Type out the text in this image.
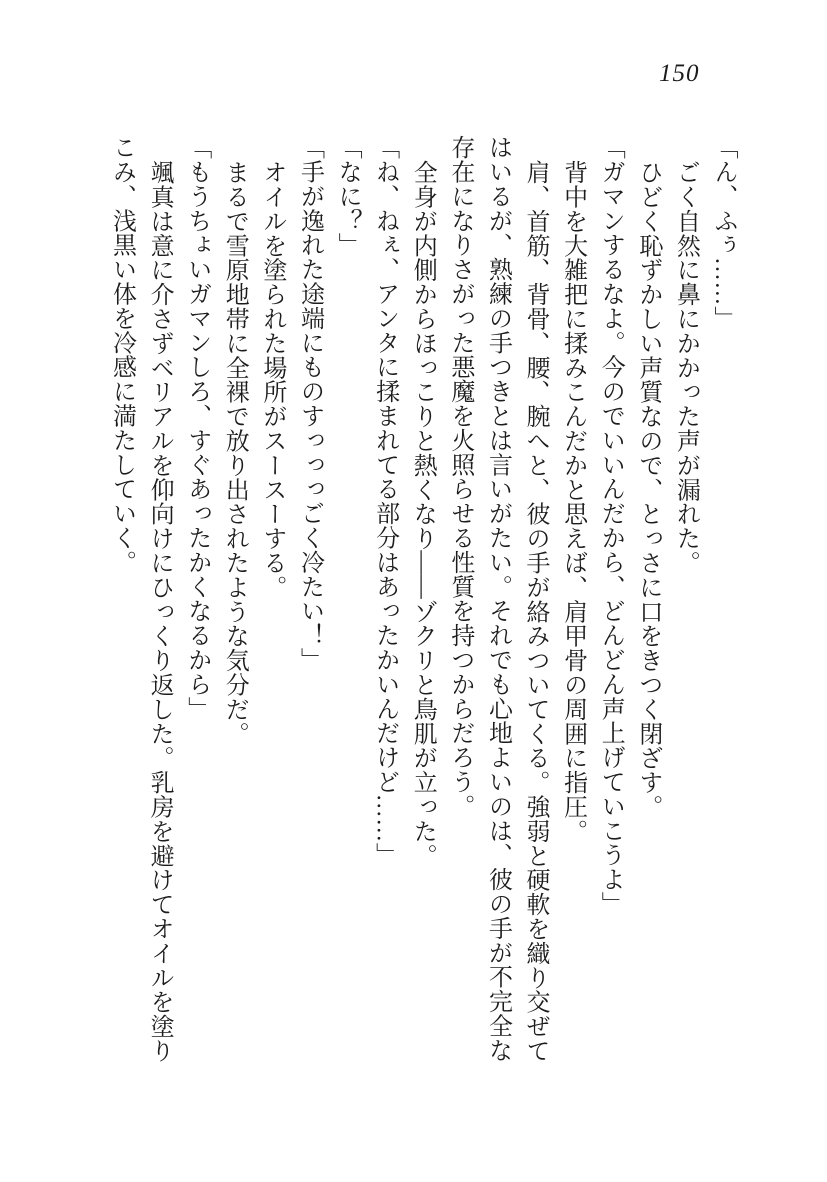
150
「ん、ふぅ……」
ごく自然に鼻にかかった声が漏れた。
ひどく恥ずかしい声質なので、とっさに口をきつく閉ざす。
「ガマンするなよ。今のでいいんだから、どんどん声上げていこうよ」
背中を大雑把に揉みこんだかと思えば、肩甲骨の周囲に指圧。
肩、首筋、背骨、腰、腕へと、彼の手が絡みついてくる。強弱と硬軟を織り交ぜて
はいるが、熟練の手つきとは言いがたい。それでも心地よいのは、彼の手が不完全な
存在になりさがった悪魔を火照らせる性質を持つからだろう。
全身が内側からほっこりと熱くなり――ゾクリと鳥肌が立った。
「ね、ねぇ、アンタに揉まれてる部分はあったかいんだけど……」
「なに？」
「手が逸れた途端にものすっっっごく冷たい！」
オイルを塗られた場所がスースーする。
まるで雪原地帯に全裸で放り出されたような気分だ。
「もうちょいガマンしろ、すぐあったかくなるから」
颯真は意に介さずベリアルを仰向けにひっくり返した。乳房を避けてオイルを塗り
こみ、浅黒い体を冷感に満たしていく。
